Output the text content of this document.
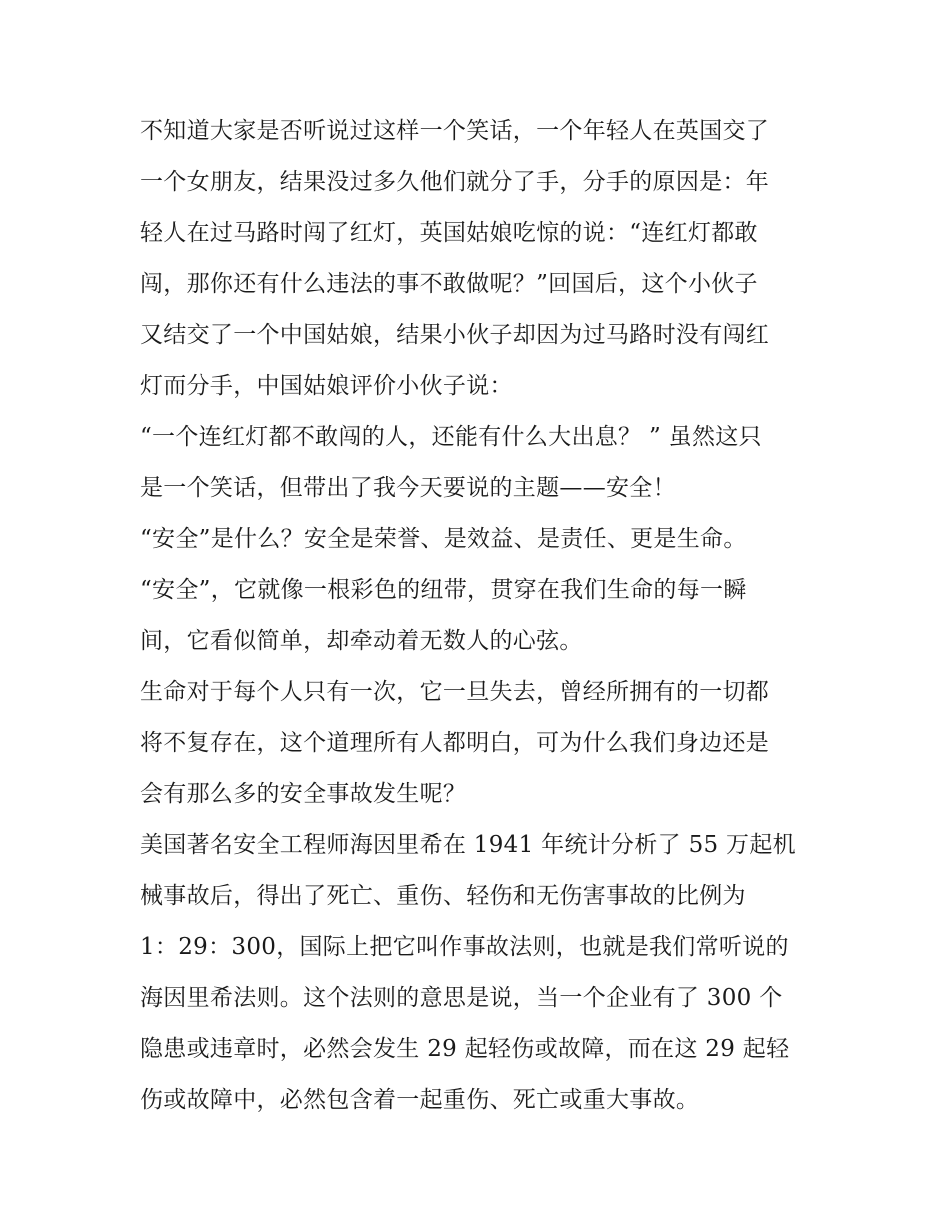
不知道大家是否听说过这样一个笑话，一个年轻人在英国交了
一个女朋友，结果没过多久他们就分了手，分手的原因是：年
轻人在过马路时闯了红灯，英国姑娘吃惊的说：“连红灯都敢
闯，那你还有什么违法的事不敢做呢？”回国后，这个小伙子
又结交了一个中国姑娘，结果小伙子却因为过马路时没有闯红
灯而分手，中国姑娘评价小伙子说：
“一个连红灯都不敢闯的人，还能有什么大出息？ ” 虽然这只
是一个笑话，但带出了我今天要说的主题——安全！
“安全”是什么？安全是荣誉、是效益、是责任、更是生命。
“安全”，它就像一根彩色的纽带，贯穿在我们生命的每一瞬
间，它看似简单，却牵动着无数人的心弦。
生命对于每个人只有一次，它一旦失去，曾经所拥有的一切都
将不复存在，这个道理所有人都明白，可为什么我们身边还是
会有那么多的安全事故发生呢？
美国著名安全工程师海因里希在 1941 年统计分析了 55 万起机
械事故后，得出了死亡、重伤、轻伤和无伤害事故的比例为
1：29：300，国际上把它叫作事故法则，也就是我们常听说的
海因里希法则。这个法则的意思是说，当一个企业有了 300 个
隐患或违章时，必然会发生 29 起轻伤或故障，而在这 29 起轻
伤或故障中，必然包含着一起重伤、死亡或重大事故。
